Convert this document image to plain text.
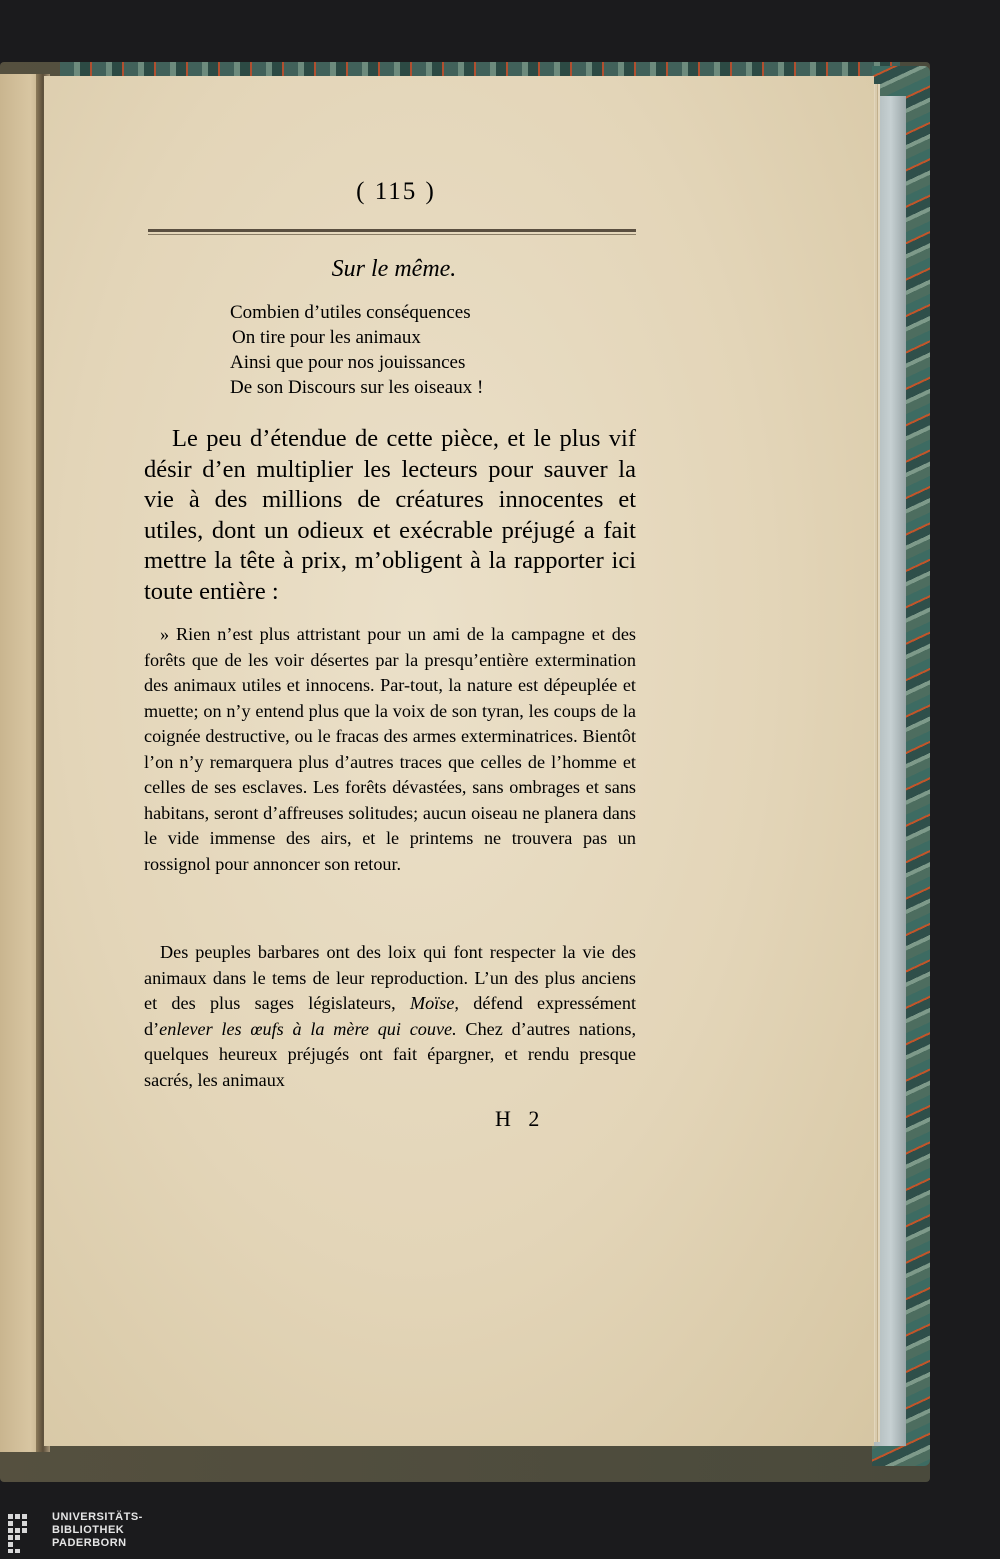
( 115 )
Sur le même.
Combien d’utiles conséquences
On tire pour les animaux
Ainsi que pour nos jouissances
De son Discours sur les oiseaux !
Le peu d’étendue de cette pièce, et le plus vif désir d’en multiplier les lecteurs pour sauver la vie à des millions de créatures innocentes et utiles, dont un odieux et exécrable préjugé a fait mettre la tête à prix, m’obligent à la rapporter ici toute entière :
» Rien n’est plus attristant pour un ami de la campagne et des forêts que de les voir désertes par la presqu’entière extermination des animaux utiles et innocens. Par-tout, la nature est dépeuplée et muette; on n’y entend plus que la voix de son tyran, les coups de la coignée destructive, ou le fracas des armes exterminatrices. Bientôt l’on n’y remarquera plus d’autres traces que celles de l’homme et celles de ses esclaves. Les forêts dévastées, sans ombrages et sans habitans, seront d’affreuses solitudes; aucun oiseau ne planera dans le vide immense des airs, et le printems ne trouvera pas un rossignol pour annoncer son retour.
Des peuples barbares ont des loix qui font respecter la vie des animaux dans le tems de leur reproduction. L’un des plus anciens et des plus sages législateurs, Moïse, défend expressément d’enlever les œufs à la mère qui couve. Chez d’autres nations, quelques heureux préjugés ont fait épargner, et rendu presque sacrés, les animaux
H 2
UNIVERSITÄTS-
BIBLIOTHEK
PADERBORN
